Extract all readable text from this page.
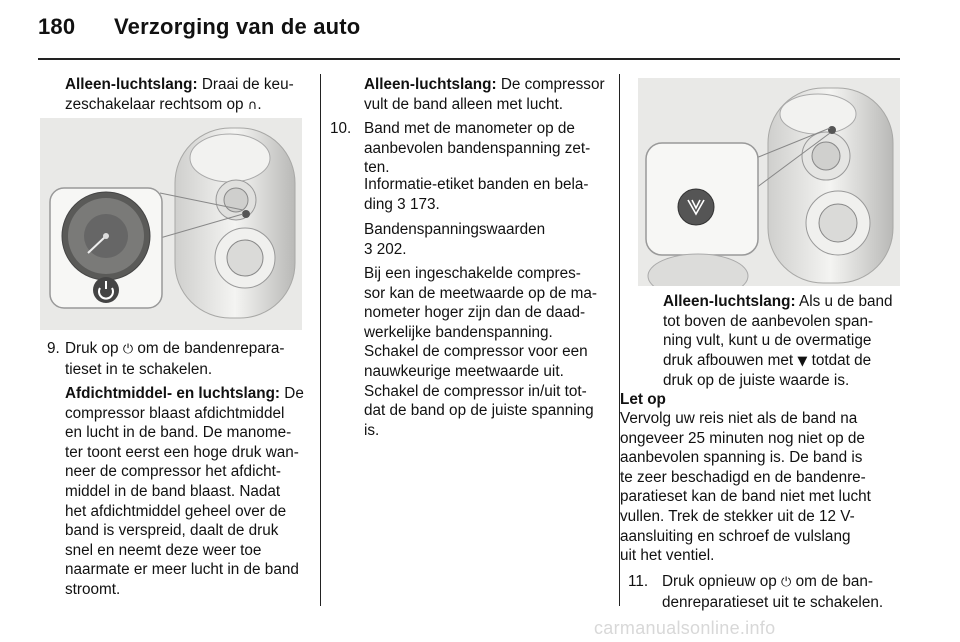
180 Verzorging van de auto

Alleen-luchtslang: Draai de keu-
zeschakelaar rechtsom op ∩.

9. Druk op ⏻ om de bandenrepara-
tieset in te schakelen.

Afdichtmiddel- en luchtslang: De
compressor blaast afdichtmiddel
en lucht in de band. De manome-
ter toont eerst een hoge druk wan-
neer de compressor het afdicht-
middel in de band blaast. Nadat
het afdichtmiddel geheel over de
band is verspreid, daalt de druk
snel en neemt deze weer toe
naarmate er meer lucht in de band
stroomt.

Alleen-luchtslang: De compressor
vult de band alleen met lucht.

10. Band met de manometer op de
aanbevolen bandenspanning zet-
ten.

Informatie-etiket banden en bela-
ding 3 173.

Bandenspanningswaarden
3 202.

Bij een ingeschakelde compres-
sor kan de meetwaarde op de ma-
nometer hoger zijn dan de daad-
werkelijke bandenspanning.
Schakel de compressor voor een
nauwkeurige meetwaarde uit.
Schakel de compressor in/uit tot-
dat de band op de juiste spanning
is.

Alleen-luchtslang: Als u de band
tot boven de aanbevolen span-
ning vult, kunt u de overmatige
druk afbouwen met ▼ totdat de
druk op de juiste waarde is.

Let op

Vervolg uw reis niet als de band na
ongeveer 25 minuten nog niet op de
aanbevolen spanning is. De band is
te zeer beschadigd en de bandenre-
paratieset kan de band niet met lucht
vullen. Trek de stekker uit de 12 V-
aansluiting en schroef de vulslang
uit het ventiel.

11. Druk opnieuw op ⏻ om de ban-
denreparatieset uit te schakelen.

carmanualsonline.info
